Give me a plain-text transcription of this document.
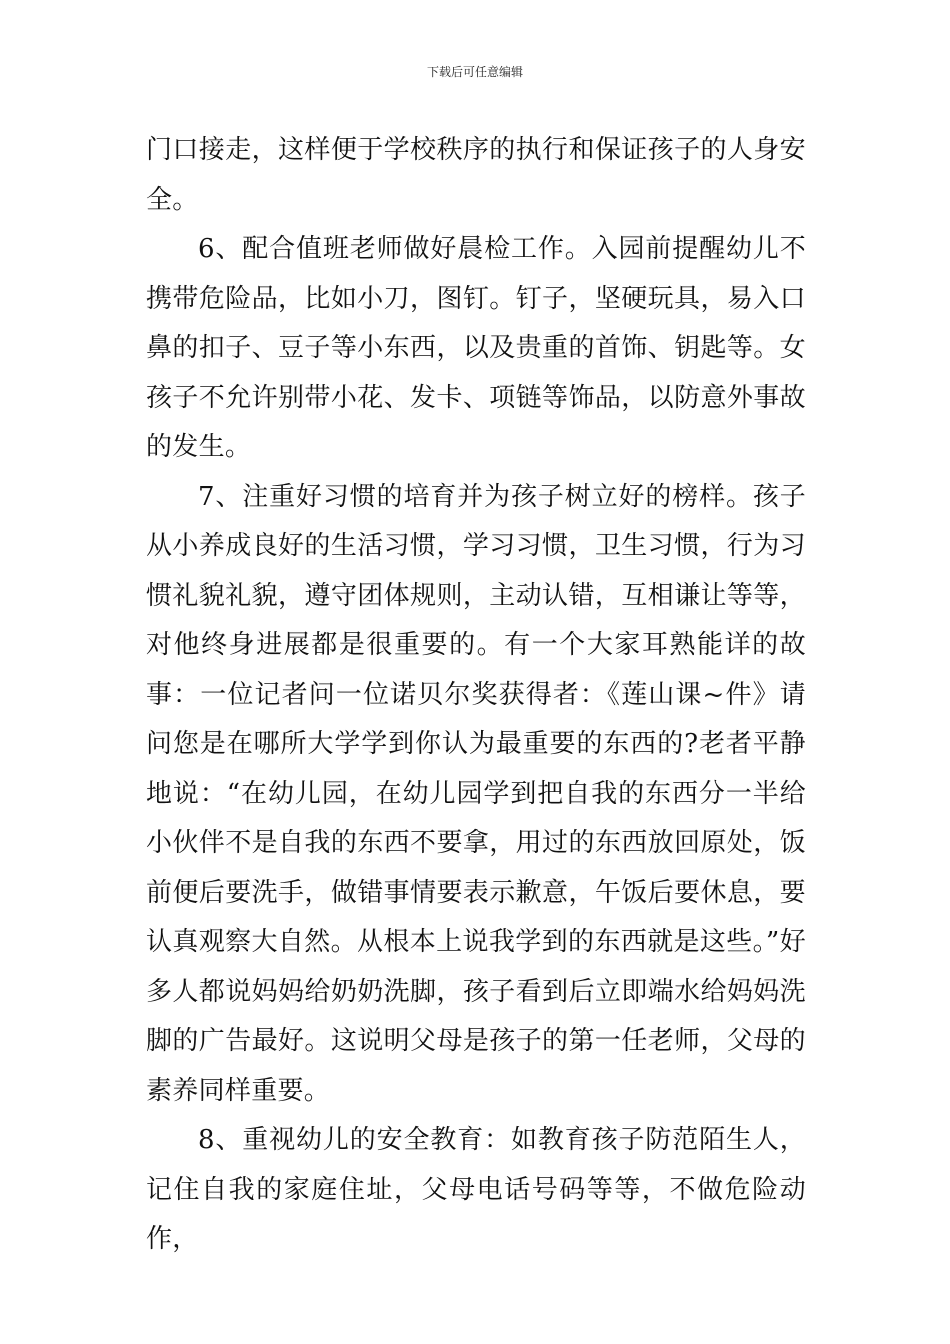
下载后可任意编辑

门口接走，这样便于学校秩序的执行和保证孩子的人身安全。

6、配合值班老师做好晨检工作。入园前提醒幼儿不携带危险品，比如小刀，图钉。钉子，坚硬玩具，易入口鼻的扣子、豆子等小东西，以及贵重的首饰、钥匙等。女孩子不允许别带小花、发卡、项链等饰品，以防意外事故的发生。

7、注重好习惯的培育并为孩子树立好的榜样。孩子从小养成良好的生活习惯，学习习惯，卫生习惯，行为习惯礼貌礼貌，遵守团体规则，主动认错，互相谦让等等，对他终身进展都是很重要的。有一个大家耳熟能详的故事：一位记者问一位诺贝尔奖获得者：《莲山课~件》请问您是在哪所大学学到你认为最重要的东西的?老者平静地说：“在幼儿园，在幼儿园学到把自我的东西分一半给小伙伴不是自我的东西不要拿，用过的东西放回原处，饭前便后要洗手，做错事情要表示歉意，午饭后要休息，要认真观察大自然。从根本上说我学到的东西就是这些。”好多人都说妈妈给奶奶洗脚，孩子看到后立即端水给妈妈洗脚的广告最好。这说明父母是孩子的第一任老师，父母的素养同样重要。

8、重视幼儿的安全教育：如教育孩子防范陌生人，记住自我的家庭住址，父母电话号码等等，不做危险动作，
